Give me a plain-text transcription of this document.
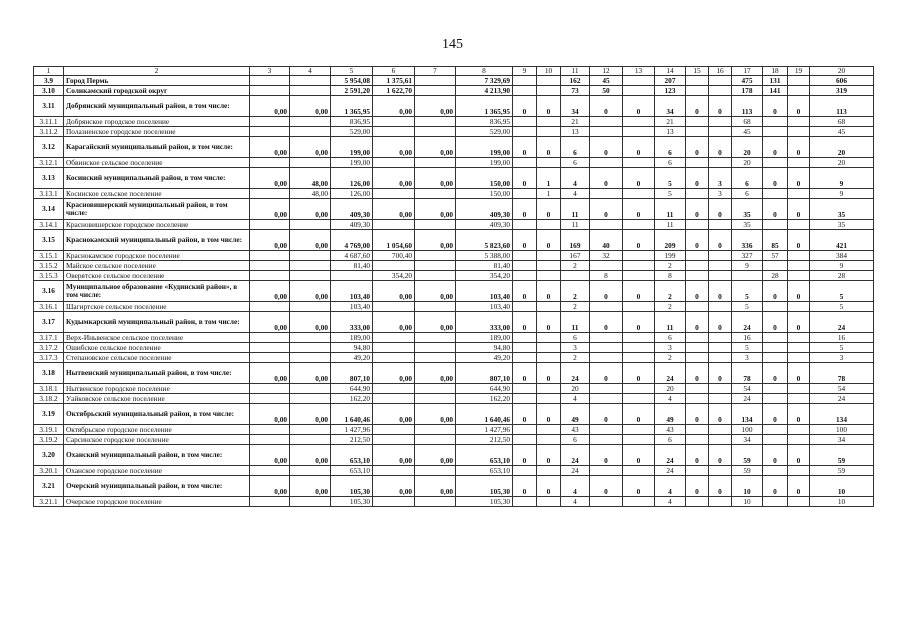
145
1	2	3	4	5	6	7	8	9	10	11	12	13	14	15	16	17	18	19	20
3.9	Город Пермь			5 954,08	1 375,61		7 329,69			162	45		207			475	131		606
3.10	Соликамский городской округ			2 591,20	1 622,70		4 213,90			73	50		123			178	141		319
3.11	Добрянский муниципальный район, в том числе:	0,00	0,00	1 365,95	0,00	0,00	1 365,95	0	0	34	0	0	34	0	0	113	0	0	113
3.11.1	Добрянское городское поселение			836,95			836,95			21			21			68			68
3.11.2	Полазненское городское поселение			529,00			529,00			13			13			45			45
3.12	Карагайский муниципальный район, в том числе:	0,00	0,00	199,00	0,00	0,00	199,00	0	0	6	0	0	6	0	0	20	0	0	20
3.12.1	Обвинское сельское поселение			199,00			199,00			6			6			20			20
3.13	Косинский муниципальный район, в том числе:	0,00	48,00	126,00	0,00	0,00	150,00	0	1	4	0	0	5	0	3	6	0	0	9
3.13.1	Косинское сельское поселение		48,00	126,00			150,00		1	4			5		3	6			9
3.14	Красновишерский муниципальный район, в том числе:	0,00	0,00	409,30	0,00	0,00	409,30	0	0	11	0	0	11	0	0	35	0	0	35
3.14.1	Красновишерское городское поселение			409,30			409,30			11			11			35			35
3.15	Краснокамский муниципальный район, в том числе:	0,00	0,00	4 769,00	1 054,60	0,00	5 823,60	0	0	169	40	0	209	0	0	336	85	0	421
3.15.1	Краснокамское городское поселение			4 687,60	700,40		5 388,00			167	32		199			327	57		384
3.15.2	Майское сельское поселение			81,40			81,40			2			2			9			9
3.15.3	Оверятское сельское поселение				354,20		354,20				8		8				28		28
3.16	Муниципальное образование «Кудинский район», в том числе:	0,00	0,00	103,40	0,00	0,00	103,40	0	0	2	0	0	2	0	0	5	0	0	5
3.16.1	Шагиртское сельское поселение			103,40			103,40			2			2			5			5
3.17	Кудымкарский муниципальный район, в том числе:	0,00	0,00	333,00	0,00	0,00	333,00	0	0	11	0	0	11	0	0	24	0	0	24
3.17.1	Верх-Иньвенское сельское поселение			189,00			189,00			6			6			16			16
3.17.2	Ошибское сельское поселение			94,80			94,80			3			3			5			5
3.17.3	Степановское сельское поселение			49,20			49,20			2			2			3			3
3.18	Нытвенский муниципальный район, в том числе:	0,00	0,00	807,10	0,00	0,00	807,10	0	0	24	0	0	24	0	0	78	0	0	78
3.18.1	Нытвенское городское поселение			644,90			644,90			20			20			54			54
3.18.2	Уайковское сельское поселение			162,20			162,20			4			4			24			24
3.19	Октябрьский муниципальный район, в том числе:	0,00	0,00	1 640,46	0,00	0,00	1 640,46	0	0	49	0	0	49	0	0	134	0	0	134
3.19.1	Октябрьское городское поселение			1 427,96			1 427,96			43			43			100			100
3.19.2	Сарсинское городское поселение			212,50			212,50			6			6			34			34
3.20	Оханский муниципальный район, в том числе:	0,00	0,00	653,10	0,00	0,00	653,10	0	0	24	0	0	24	0	0	59	0	0	59
3.20.1	Оханское городское поселение			653,10			653,10			24			24			59			59
3.21	Очерский муниципальный район, в том числе:	0,00	0,00	105,30	0,00	0,00	105,30	0	0	4	0	0	4	0	0	10	0	0	10
3.21.1	Очерское городское поселение			105,30			105,30			4			4			10			10
